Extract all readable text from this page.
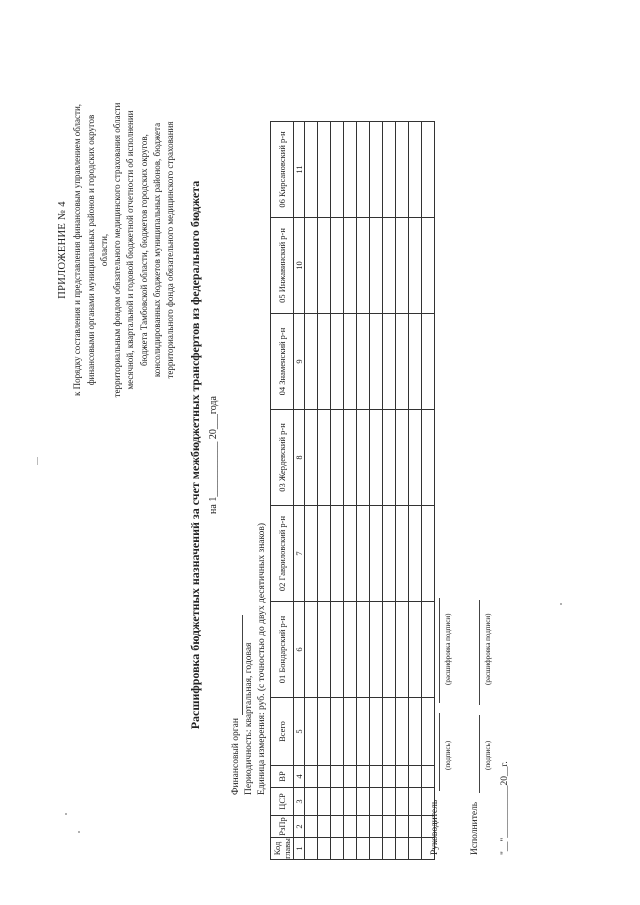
ПРИЛОЖЕНИЕ № 4 к Порядку составления и представления финансовым управлением области, финансовыми органами муниципальных районов и городских округов области, территориальным фондом обязательного медицинского страхования области месячной, квартальной и годовой бюджетной отчетности об исполнении бюджета Тамбовской области, бюджетов городских округов, консолидированных бюджетов муниципальных районов, бюджета территориального фонда обязательного медицинского страхования Расшифровка бюджетных назначений за счет межбюджетных трансфертов из федерального бюджета на 1___________ 20___года
Финансовый орган Периодичность: квартальная, годовая Единица измерения: руб. (с точностью до двух десятичных знаков)
Код главы	РзПр	ЦСР	ВР	Всего	01 Бондарский р-н	02 Гавриловский р-н	03 Жердевский р-н	04 Знаменский р-н	05 Инжавинский р-н	06 Кирсановский р-н
1	2	3	4	5	6	7	8	9	10	11

Руководитель
(подпись)
(расшифровка подписи)
Исполнитель
(подпись)
(расшифровка подписи)
"__"___________20__г.
